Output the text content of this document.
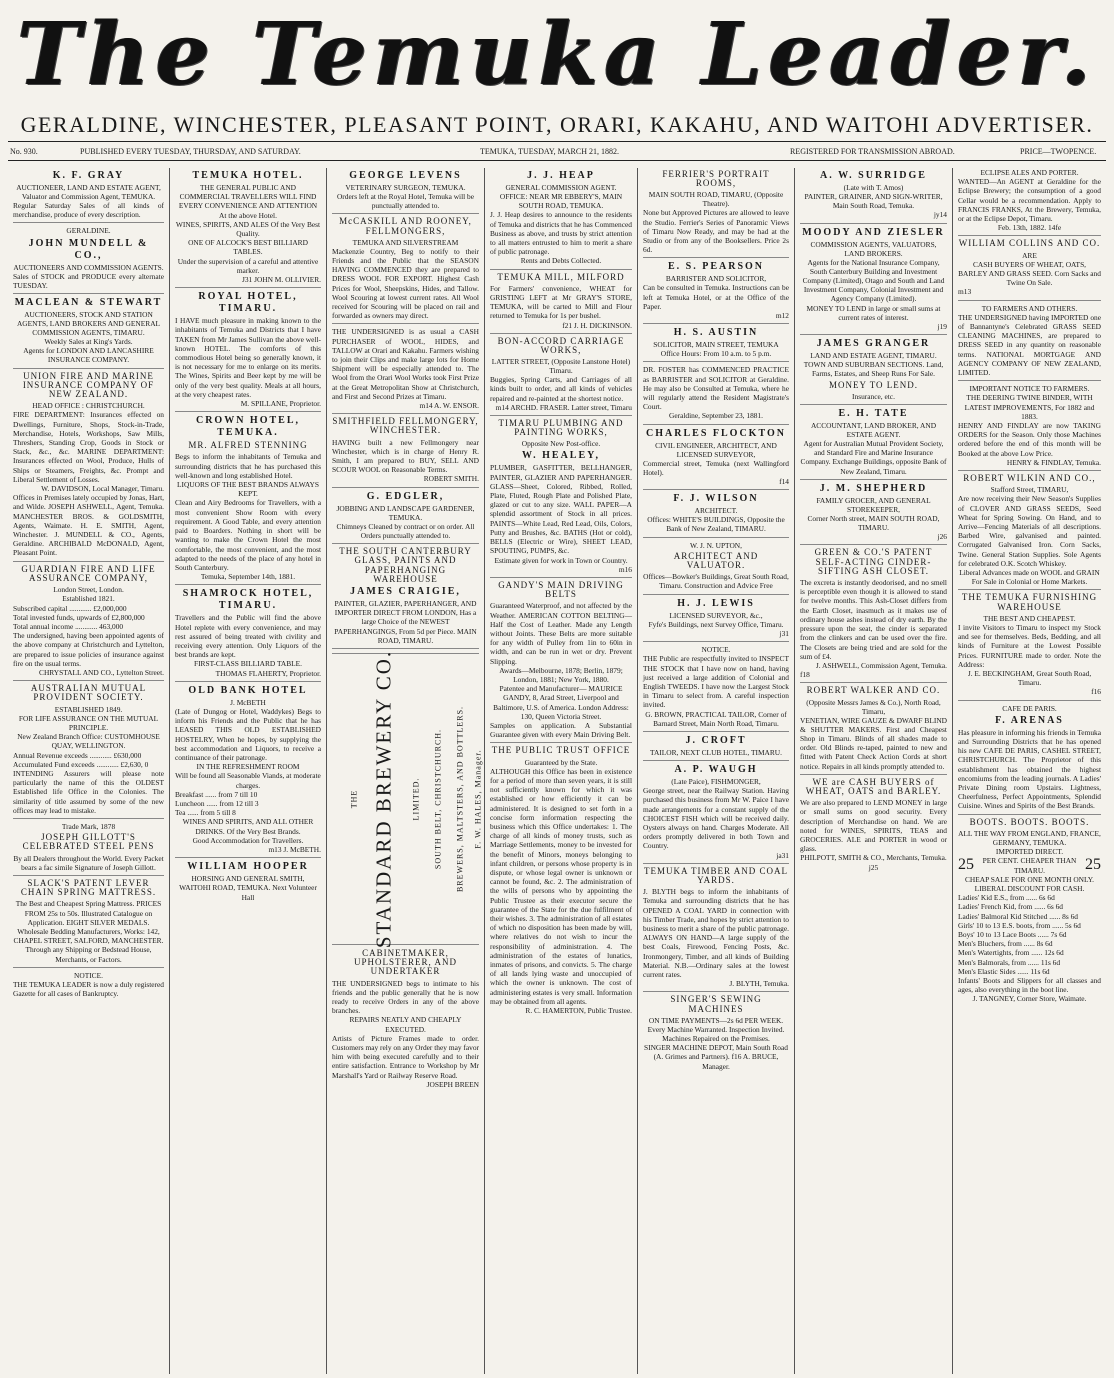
The Temuka Leader.
GERALDINE, WINCHESTER, PLEASANT POINT, ORARI, KAKAHU, AND WAITOHI ADVERTISER.
No. 930.	PUBLISHED EVERY TUESDAY, THURSDAY, AND SATURDAY.	TEMUKA, TUESDAY, MARCH 21, 1882.	REGISTERED FOR TRANSMISSION ABROAD.	PRICE—TWOPENCE.
K. F. GRAY
AUCTIONEER, LAND AND ESTATE AGENT, Valuator and Commission Agent, TEMUKA.
Regular Saturday Sales of all kinds of merchandise, produce of every description.
GERALDINE.
JOHN MUNDELL & CO.,
AUCTIONEERS AND COMMISSION AGENTS.
Sales of STOCK and PRODUCE every alternate TUESDAY.
MACLEAN & STEWART
AUCTIONEERS, STOCK AND STATION AGENTS, LAND BROKERS AND GENERAL COMMISSION AGENTS, TIMARU.
Weekly Sales at King's Yards.
Agents for LONDON AND LANCASHIRE INSURANCE COMPANY.
UNION FIRE AND MARINE INSURANCE COMPANY OF NEW ZEALAND.
HEAD OFFICE : CHRISTCHURCH.
FIRE DEPARTMENT: Insurances effected on Dwellings, Furniture, Shops, Stock-in-Trade, Merchandise, Hotels, Workshops, Saw Mills, Threshers, Standing Crop, Goods in Stock or Stack, &c., &c. MARINE DEPARTMENT: Insurances effected on Wool, Produce, Hulls of Ships or Steamers, Freights, &c. Prompt and Liberal Settlement of Losses.
W. DAVIDSON, Local Manager, Timaru.
Offices in Premises lately occupied by Jonas, Hart, and Wilde. JOSEPH ASHWELL, Agent, Temuka. MANCHESTER BROS. & GOLDSMITH, Agents, Waimate. H. E. SMITH, Agent, Winchester. J. MUNDELL & CO., Agents, Geraldine. ARCHIBALD McDONALD, Agent, Pleasant Point.
GUARDIAN FIRE AND LIFE ASSURANCE COMPANY,
London Street, London.
Established 1821.
Subscribed capital ............ £2,000,000
Total invested funds, upwards of £2,800,000
Total annual income ............ 463,000
The undersigned, having been appointed agents of the above company at Christchurch and Lyttelton, are prepared to issue policies of insurance against fire on the usual terms.
CHRYSTALL AND CO., Lyttelton Street.
AUSTRALIAN MUTUAL PROVIDENT SOCIETY.
ESTABLISHED 1849.
FOR LIFE ASSURANCE ON THE MUTUAL PRINCIPLE.
New Zealand Branch Office: CUSTOMHOUSE QUAY, WELLINGTON.
Annual Revenue exceeds ............ £630,000
Accumulated Fund exceeds ............ £2,630, 0
INTENDING Assurers will please note particularly the name of this the OLDEST Established life Office in the Colonies. The similarity of title assumed by some of the new offices may lead to mistake.
Trade Mark, 1878
JOSEPH GILLOTT'S CELEBRATED STEEL PENS
By all Dealers throughout the World. Every Packet bears a fac simile Signature of Joseph Gillott.
SLACK'S PATENT LEVER CHAIN SPRING MATTRESS.
The Best and Cheapest Spring Mattress. PRICES FROM 25s to 50s. Illustrated Catalogue on Application. EIGHT SILVER MEDALS. Wholesale Bedding Manufacturers, Works: 142, CHAPEL STREET, SALFORD, MANCHESTER. Through any Shipping or Bedstead House, Merchants, or Factors.
NOTICE.
THE TEMUKA LEADER is now a duly registered Gazette for all cases of Bankruptcy.
TEMUKA HOTEL.
THE GENERAL PUBLIC AND COMMERCIAL TRAVELLERS WILL FIND EVERY CONVENIENCE AND ATTENTION At the above Hotel.
WINES, SPIRITS, AND ALES Of the Very Best Quality.
ONE OF ALCOCK'S BEST BILLIARD TABLES.
Under the supervision of a careful and attentive marker.
J31 JOHN M. OLLIVIER.
ROYAL HOTEL, TIMARU.
I HAVE much pleasure in making known to the inhabitants of Temuka and Districts that I have TAKEN from Mr James Sullivan the above well-known HOTEL. The comforts of this commodious Hotel being so generally known, it is not necessary for me to enlarge on its merits. The Wines, Spirits and Beer kept by me will be only of the very best quality. Meals at all hours, at the very cheapest rates.
M. SPILLANE, Proprietor.
CROWN HOTEL, TEMUKA.
MR. ALFRED STENNING
Begs to inform the inhabitants of Temuka and surrounding districts that he has purchased this well-known and long established Hotel.
LIQUORS OF THE BEST BRANDS ALWAYS KEPT.
Clean and Airy Bedrooms for Travellers, with a most convenient Show Room with every requirement. A Good Table, and every attention paid to Boarders. Nothing in short will be wanting to make the Crown Hotel the most comfortable, the most convenient, and the most adapted to the needs of the place of any hotel in South Canterbury.
Temuka, September 14th, 1881.
SHAMROCK HOTEL, TIMARU.
Travellers and the Public will find the above Hotel replete with every convenience, and may rest assured of being treated with civility and receiving every attention. Only Liquors of the best brands are kept.
FIRST-CLASS BILLIARD TABLE.
THOMAS FLAHERTY, Proprietor.
OLD BANK HOTEL
J. McBETH
(Late of Dungog or Hotel, Waddykes) Begs to inform his Friends and the Public that he has LEASED THIS OLD ESTABLISHED HOSTELRY, When he hopes, by supplying the best accommodation and Liquors, to receive a continuance of their patronage.
IN THE REFRESHMENT ROOM
Will be found all Seasonable Viands, at moderate charges.
Breakfast ...... from 7 till 10
Luncheon ...... from 12 till 3
Tea ...... from 5 till 8
WINES AND SPIRITS, AND ALL OTHER DRINKS. Of the Very Best Brands.
Good Accommodation for Travellers.
m13 J. McBETH.
WILLIAM HOOPER
HORSING AND GENERAL SMITH, WAITOHI ROAD, TEMUKA. Next Volunteer Hall
GEORGE LEVENS
VETERINARY SURGEON, TEMUKA.
Orders left at the Royal Hotel, Temuka will be punctually attended to.
McCASKILL AND ROONEY, FELLMONGERS,
TEMUKA AND SILVERSTREAM
Mackenzie Country, Beg to notify to their Friends and the Public that the SEASON HAVING COMMENCED they are prepared to DRESS WOOL FOR EXPORT. Highest Cash Prices for Wool, Sheepskins, Hides, and Tallow. Wool Scouring at lowest current rates. All Wool received for Scouring will be placed on rail and forwarded as owners may direct.
THE UNDERSIGNED is as usual a CASH PURCHASER of WOOL, HIDES, and TALLOW at Orari and Kakahu. Farmers wishing to join their Clips and make large lots for Home Shipment will be especially attended to. The Wool from the Orari Wool Works took First Prize at the Great Metropolitan Show at Christchurch, and First and Second Prizes at Timaru.
m14 A. W. ENSOR.
SMITHFIELD FELLMONGERY, WINCHESTER.
HAVING built a new Fellmongery near Winchester, which is in charge of Henry R. Smith, I am prepared to BUY, SELL AND SCOUR WOOL on Reasonable Terms.
ROBERT SMITH.
G. EDGLER,
JOBBING AND LANDSCAPE GARDENER, TEMUKA.
Chimneys Cleaned by contract or on order. All Orders punctually attended to.
THE SOUTH CANTERBURY GLASS, PAINTS AND PAPERHANGING WAREHOUSE
JAMES CRAIGIE,
PAINTER, GLAZIER, PAPERHANGER, AND IMPORTER DIRECT FROM LONDON, Has a large Choice of the NEWEST PAPERHANGINGS, From 5d per Piece. MAIN ROAD, TIMARU.
THE STANDARD BREWERY CO. LIMITED. SOUTH BELT, CHRISTCHURCH. BREWERS, MALTSTERS, AND BOTTLERS. F. W. HALES, Manager.
CABINETMAKER, UPHOLSTERER, AND UNDERTAKER
THE UNDERSIGNED begs to intimate to his friends and the public generally that he is now ready to receive Orders in any of the above branches.
REPAIRS NEATLY AND CHEAPLY EXECUTED.
Artists of Picture Frames made to order. Customers may rely on any Order they may favor him with being executed carefully and to their entire satisfaction. Entrance to Workshop by Mr Marshall's Yard or Railway Reserve Road.
JOSEPH BREEN
J. J. HEAP
GENERAL COMMISSION AGENT.
OFFICE: NEAR MR EBBERY'S, MAIN SOUTH ROAD, TEMUKA.
J. J. Heap desires to announce to the residents of Temuka and districts that he has Commenced Business as above, and trusts by strict attention to all matters entrusted to him to merit a share of public patronage.
Rents and Debts Collected.
TEMUKA MILL, MILFORD
For Farmers' convenience, WHEAT for GRISTING LEFT at Mr GRAY'S STORE, TEMUKA, will be carted to Mill and Flour returned to Temuka for 1s per bushel.
f21 J. H. DICKINSON.
BON-ACCORD CARRIAGE WORKS,
LATTER STREET, (Opposite Lanstone Hotel) Timaru.
Buggies, Spring Carts, and Carriages of all kinds built to order, and all kinds of vehicles repaired and re-painted at the shortest notice.
m14 ARCHD. FRASER. Latter street, Timaru
TIMARU PLUMBING AND PAINTING WORKS,
Opposite New Post-office.
W. HEALEY,
PLUMBER, GASFITTER, BELLHANGER, PAINTER, GLAZIER AND PAPERHANGER. GLASS—Sheet, Colored, Ribbed, Rolled, Plate, Fluted, Rough Plate and Polished Plate, glazed or cut to any size. WALL PAPER—A splendid assortment of Stock in all prices. PAINTS—White Lead, Red Lead, Oils, Colors, Putty and Brushes, &c. BATHS (Hot or cold), BELLS (Electric or Wire), SHEET LEAD, SPOUTING, PUMPS, &c.
Estimate given for work in Town or Country.
m16
GANDY'S MAIN DRIVING BELTS
Guaranteed Waterproof, and not affected by the Weather. AMERICAN COTTON BELTING—Half the Cost of Leather. Made any Length without Joints. These Belts are more suitable for any width of Pulley from 1in to 60in in width, and can be run in wet or dry. Prevent Slipping.
Awards—Melbourne, 1878; Berlin, 1879; London, 1881; New York, 1880.
Patentee and Manufacturer— MAURICE GANDY, 8, Arad Street, Liverpool and Baltimore, U.S. of America. London Address: 130, Queen Victoria Street.
Samples on application. A Substantial Guarantee given with every Main Driving Belt.
THE PUBLIC TRUST OFFICE
Guaranteed by the State.
ALTHOUGH this Office has been in existence for a period of more than seven years, it is still not sufficiently known for which it was established or how efficiently it can be administered. It is designed to set forth in a concise form information respecting the business which this Office undertakes: 1. The charge of all kinds of money trusts, such as Marriage Settlements, money to be invested for the benefit of Minors, moneys belonging to infant children, or persons whose property is in dispute, or whose legal owner is unknown or cannot be found, &c. 2. The administration of the wills of persons who by appointing the Public Trustee as their executor secure the guarantee of the State for the due fulfilment of their wishes. 3. The administration of all estates of which no disposition has been made by will, where relatives do not wish to incur the responsibility of administration. 4. The administration of the estates of lunatics, inmates of prisons, and convicts. 5. The charge of all lands lying waste and unoccupied of which the owner is unknown. The cost of administering estates is very small. Information may be obtained from all agents.
R. C. HAMERTON, Public Trustee.
FERRIER'S PORTRAIT ROOMS,
MAIN SOUTH ROAD, TIMARU, (Opposite Theatre).
None but Approved Pictures are allowed to leave the Studio. Ferrier's Series of Panoramic Views of Timaru Now Ready, and may be had at the Studio or from any of the Booksellers. Price 2s 6d.
E. S. PEARSON
BARRISTER AND SOLICITOR,
Can be consulted in Temuka. Instructions can be left at Temuka Hotel, or at the Office of the Paper.
m12
H. S. AUSTIN
SOLICITOR, MAIN STREET, TEMUKA
Office Hours: From 10 a.m. to 5 p.m.
DR. FOSTER has COMMENCED PRACTICE as BARRISTER and SOLICITOR at Geraldine. He may also be Consulted at Temuka, where he will regularly attend the Resident Magistrate's Court.
Geraldine, September 23, 1881.
CHARLES FLOCKTON
CIVIL ENGINEER, ARCHITECT, AND LICENSED SURVEYOR,
Commercial street, Temuka (next Wallingford Hotel).
f14
F. J. WILSON
ARCHITECT.
Offices: WHITE'S BUILDINGS, Opposite the Bank of New Zealand, TIMARU.
W. J. N. UPTON,
ARCHITECT AND VALUATOR.
Offices—Bowker's Buildings, Great South Road, Timaru. Construction and Advice Free
H. J. LEWIS
LICENSED SURVEYOR, &c.,
Fyfe's Buildings, next Survey Office, Timaru.
j31
NOTICE.
THE Public are respectfully invited to INSPECT THE STOCK that I have now on hand, having just received a large addition of Colonial and English TWEEDS. I have now the Largest Stock in Timaru to select from. A careful inspection invited.
G. BROWN, PRACTICAL TAILOR, Corner of Barnard Street, Main North Road, Timaru.
J. CROFT
TAILOR, NEXT CLUB HOTEL, TIMARU.
A. P. WAUGH
(Late Paice), FISHMONGER,
George street, near the Railway Station. Having purchased this business from Mr W. Paice I have made arrangements for a constant supply of the CHOICEST FISH which will be received daily. Oysters always on hand. Charges Moderate. All orders promptly delivered in both Town and Country.
ja31
TEMUKA TIMBER AND COAL YARDS.
J. BLYTH begs to inform the inhabitants of Temuka and surrounding districts that he has OPENED A COAL YARD in connection with his Timber Trade, and hopes by strict attention to business to merit a share of the public patronage. ALWAYS ON HAND—A large supply of the best Coals, Firewood, Fencing Posts, &c. Ironmongery, Timber, and all kinds of Building Material. N.B.—Ordinary sales at the lowest current rates.
J. BLYTH, Temuka.
SINGER'S SEWING MACHINES
ON TIME PAYMENTS—2s 6d PER WEEK.
Every Machine Warranted. Inspection Invited. Machines Repaired on the Premises.
SINGER MACHINE DEPOT, Main South Road (A. Grimes and Partners). f16 A. BRUCE, Manager.
A. W. SURRIDGE
(Late with T. Amos)
PAINTER, GRAINER, AND SIGN-WRITER, Main South Road, Temuka.
jy14
MOODY AND ZIESLER
COMMISSION AGENTS, VALUATORS, LAND BROKERS.
Agents for the National Insurance Company, South Canterbury Building and Investment Company (Limited), Otago and South and Land Investment Company, Colonial Investment and Agency Company (Limited).
MONEY TO LEND in large or small sums at current rates of interest.
j19
JAMES GRANGER
LAND AND ESTATE AGENT, TIMARU.
TOWN AND SUBURBAN SECTIONS. Land, Farms, Estates, and Sheep Runs For Sale.
MONEY TO LEND.
Insurance, etc.
E. H. TATE
ACCOUNTANT, LAND BROKER, AND ESTATE AGENT.
Agent for Australian Mutual Provident Society, and Standard Fire and Marine Insurance Company. Exchange Buildings, opposite Bank of New Zealand, Timaru.
J. M. SHEPHERD
FAMILY GROCER, AND GENERAL STOREKEEPER,
Corner North street, MAIN SOUTH ROAD, TIMARU.
j26
GREEN & CO.'S PATENT SELF-ACTING CINDER-SIFTING ASH CLOSET.
The excreta is instantly deodorised, and no smell is perceptible even though it is allowed to stand for twelve months. This Ash-Closet differs from the Earth Closet, inasmuch as it makes use of ordinary house ashes instead of dry earth. By the pressure upon the seat, the cinder is separated from the clinkers and can be used over the fire. The Closets are being tried and are sold for the sum of £4.
J. ASHWELL, Commission Agent, Temuka.
f18
ROBERT WALKER AND CO.
(Opposite Messrs James & Co.), North Road, Timaru,
VENETIAN, WIRE GAUZE & DWARF BLIND & SHUTTER MAKERS. First and Cheapest Shop in Timaru. Blinds of all shades made to order. Old Blinds re-taped, painted to new and fitted with Patent Check Action Cords at short notice. Repairs in all kinds promptly attended to.
WE are CASH BUYERS of WHEAT, OATS and BARLEY.
We are also prepared to LEND MONEY in large or small sums on good security. Every description of Merchandise on hand. We are noted for WINES, SPIRITS, TEAS and GROCERIES. ALE and PORTER in wood or glass.
PHILPOTT, SMITH & CO., Merchants, Temuka. j25
ECLIPSE ALES AND PORTER.
WANTED—An AGENT at Geraldine for the Eclipse Brewery; the consumption of a good Cellar would be a recommendation. Apply to FRANCIS FRANKS, At the Brewery, Temuka, or at the Eclipse Depot, Timaru.
Feb. 13th, 1882. 14fe
WILLIAM COLLINS AND CO.
ARE
CASH BUYERS OF WHEAT, OATS, BARLEY AND GRASS SEED. Corn Sacks and Twine On Sale.
m13
TO FARMERS AND OTHERS.
THE UNDERSIGNED having IMPORTED one of Bannantyne's Celebrated GRASS SEED CLEANING MACHINES, are prepared to DRESS SEED in any quantity on reasonable terms. NATIONAL MORTGAGE AND AGENCY COMPANY OF NEW ZEALAND, LIMITED.
IMPORTANT NOTICE TO FARMERS.
THE DEERING TWINE BINDER, WITH LATEST IMPROVEMENTS, For 1882 and 1883.
HENRY AND FINDLAY are now TAKING ORDERS for the Season. Only those Machines ordered before the end of this month will be Booked at the above Low Price.
HENRY & FINDLAY, Temuka.
ROBERT WILKIN AND CO.,
Stafford Street, TIMARU,
Are now receiving their New Season's Supplies of CLOVER AND GRASS SEEDS, Seed Wheat for Spring Sowing. On Hand, and to Arrive—Fencing Materials of all descriptions. Barbed Wire, galvanised and painted. Corrugated Galvanised Iron. Corn Sacks, Twine. General Station Supplies. Sole Agents for celebrated O.K. Scotch Whiskey.
Liberal Advances made on WOOL and GRAIN For Sale in Colonial or Home Markets.
THE TEMUKA FURNISHING WAREHOUSE
THE BEST AND CHEAPEST.
I invite Visitors to Timaru to inspect my Stock and see for themselves. Beds, Bedding, and all kinds of Furniture at the Lowest Possible Prices. FURNITURE made to order. Note the Address:
J. E. BECKINGHAM, Great South Road, Timaru.
f16
CAFE DE PARIS.
F. ARENAS
Has pleasure in informing his friends in Temuka and Surrounding Districts that he has opened his new CAFE DE PARIS, CASHEL STREET, CHRISTCHURCH. The Proprietor of this establishment has obtained the highest encomiums from the leading journals. A Ladies' Private Dining room Upstairs. Lightness, Cheerfulness, Perfect Appointments, Splendid Cuisine. Wines and Spirits of the Best Brands.
BOOTS. BOOTS. BOOTS.
ALL THE WAY FROM ENGLAND, FRANCE, GERMANY, TEMUKA.
IMPORTED DIRECT.
25	PER CENT. CHEAPER THAN TIMARU.	25
CHEAP SALE FOR ONE MONTH ONLY.
LIBERAL DISCOUNT FOR CASH.
Ladies' Kid E.S., from ...... 6s 6d
Ladies' French Kid, from ...... 6s 6d
Ladies' Balmoral Kid Stitched ...... 8s 6d
Girls' 10 to 13 E.S. boots, from ...... 5s 6d
Boys' 10 to 13 Lace Boots ...... 7s 6d
Men's Bluchers, from ...... 8s 6d
Men's Watertights, from ...... 12s 6d
Men's Balmorals, from ...... 11s 6d
Men's Elastic Sides ...... 11s 6d
Infants' Boots and Slippers for all classes and ages, also everything in the boot line.
J. TANGNEY, Corner Store, Waimate.
